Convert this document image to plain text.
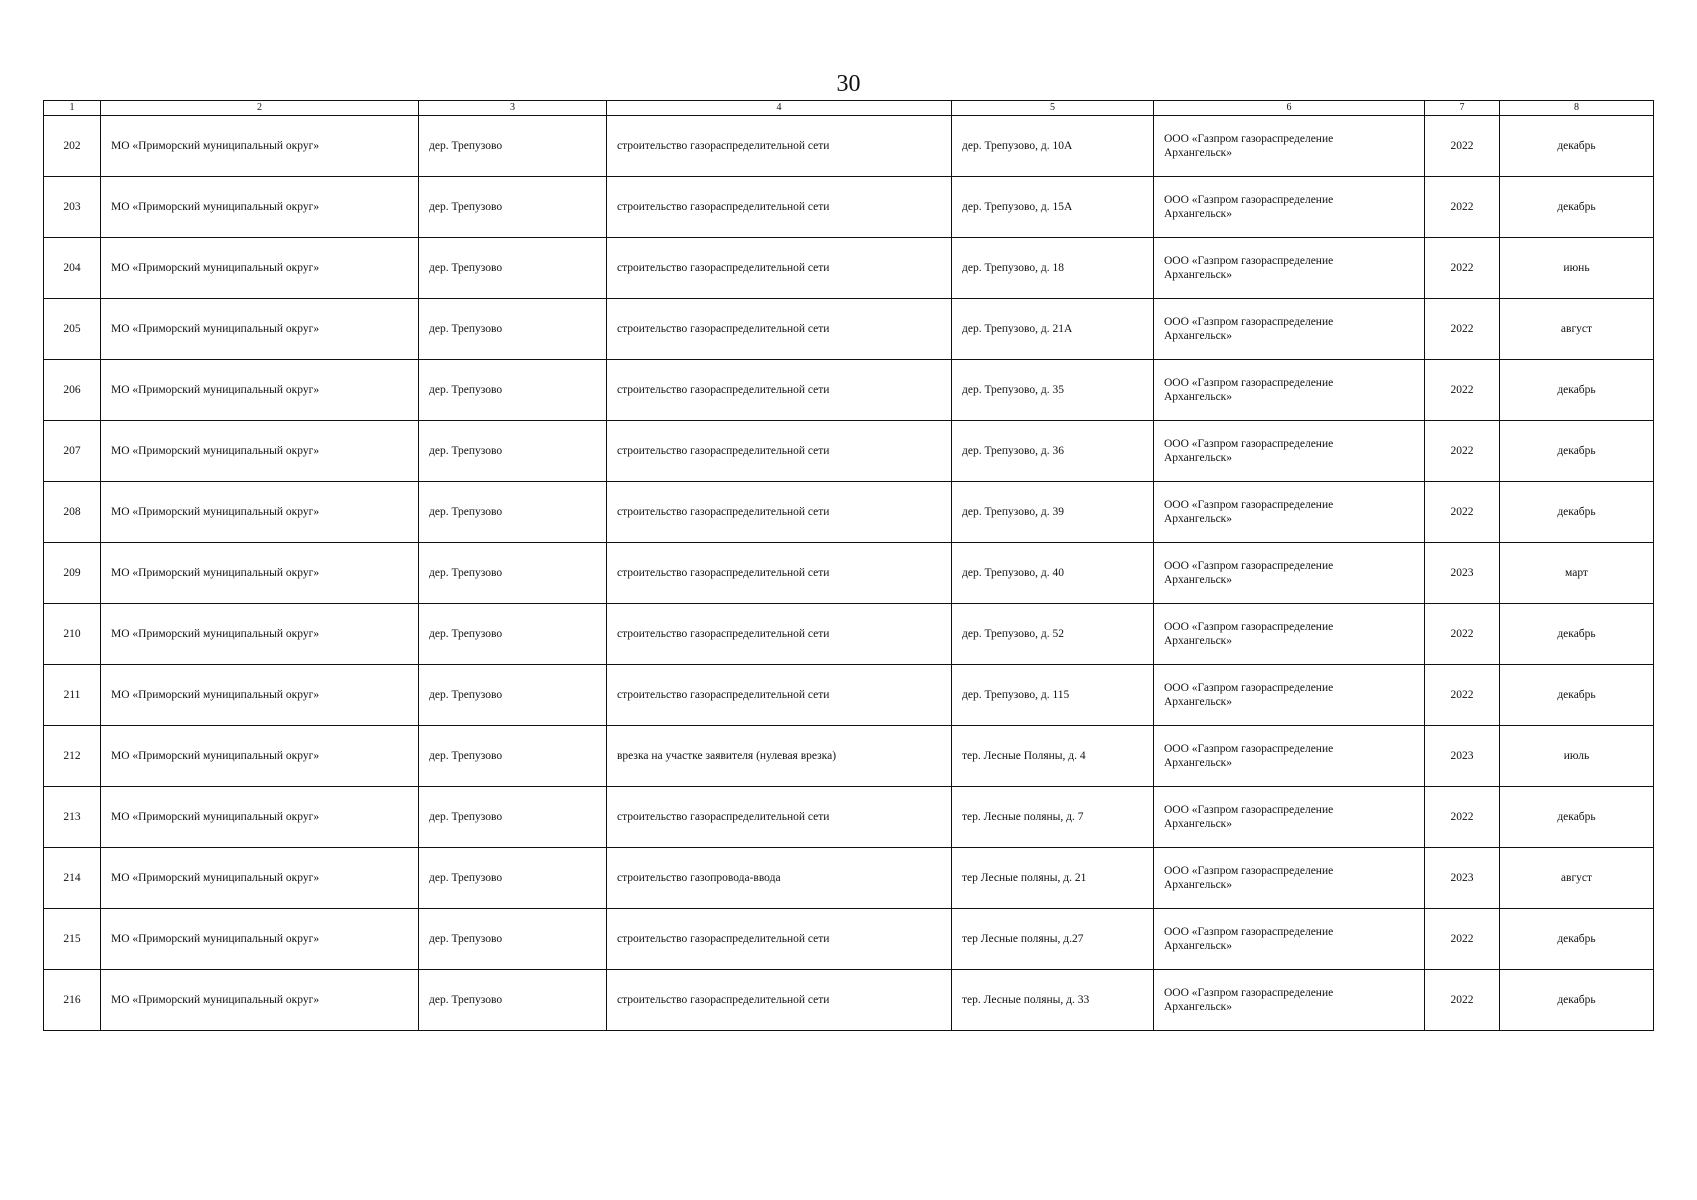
30
1	2	3	4	5	6	7	8
202	МО «Приморский муниципальный округ»	дер. Трепузово	строительство газораспределительной сети	дер. Трепузово, д. 10А	ООО «Газпром газораспределение
Архангельск»	2022	декабрь
203	МО «Приморский муниципальный округ»	дер. Трепузово	строительство газораспределительной сети	дер. Трепузово, д. 15А	ООО «Газпром газораспределение
Архангельск»	2022	декабрь
204	МО «Приморский муниципальный округ»	дер. Трепузово	строительство газораспределительной сети	дер. Трепузово, д. 18	ООО «Газпром газораспределение
Архангельск»	2022	июнь
205	МО «Приморский муниципальный округ»	дер. Трепузово	строительство газораспределительной сети	дер. Трепузово, д. 21А	ООО «Газпром газораспределение
Архангельск»	2022	август
206	МО «Приморский муниципальный округ»	дер. Трепузово	строительство газораспределительной сети	дер. Трепузово, д. 35	ООО «Газпром газораспределение
Архангельск»	2022	декабрь
207	МО «Приморский муниципальный округ»	дер. Трепузово	строительство газораспределительной сети	дер. Трепузово, д. 36	ООО «Газпром газораспределение
Архангельск»	2022	декабрь
208	МО «Приморский муниципальный округ»	дер. Трепузово	строительство газораспределительной сети	дер. Трепузово, д. 39	ООО «Газпром газораспределение
Архангельск»	2022	декабрь
209	МО «Приморский муниципальный округ»	дер. Трепузово	строительство газораспределительной сети	дер. Трепузово, д. 40	ООО «Газпром газораспределение
Архангельск»	2023	март
210	МО «Приморский муниципальный округ»	дер. Трепузово	строительство газораспределительной сети	дер. Трепузово, д. 52	ООО «Газпром газораспределение
Архангельск»	2022	декабрь
211	МО «Приморский муниципальный округ»	дер. Трепузово	строительство газораспределительной сети	дер. Трепузово, д. 115	ООО «Газпром газораспределение
Архангельск»	2022	декабрь
212	МО «Приморский муниципальный округ»	дер. Трепузово	врезка на участке заявителя (нулевая врезка)	тер. Лесные Поляны, д. 4	ООО «Газпром газораспределение
Архангельск»	2023	июль
213	МО «Приморский муниципальный округ»	дер. Трепузово	строительство газораспределительной сети	тер. Лесные поляны, д. 7	ООО «Газпром газораспределение
Архангельск»	2022	декабрь
214	МО «Приморский муниципальный округ»	дер. Трепузово	строительство газопровода-ввода	тер Лесные поляны, д. 21	ООО «Газпром газораспределение
Архангельск»	2023	август
215	МО «Приморский муниципальный округ»	дер. Трепузово	строительство газораспределительной сети	тер Лесные поляны, д.27	ООО «Газпром газораспределение
Архангельск»	2022	декабрь
216	МО «Приморский муниципальный округ»	дер. Трепузово	строительство газораспределительной сети	тер. Лесные поляны, д. 33	ООО «Газпром газораспределение
Архангельск»	2022	декабрь
